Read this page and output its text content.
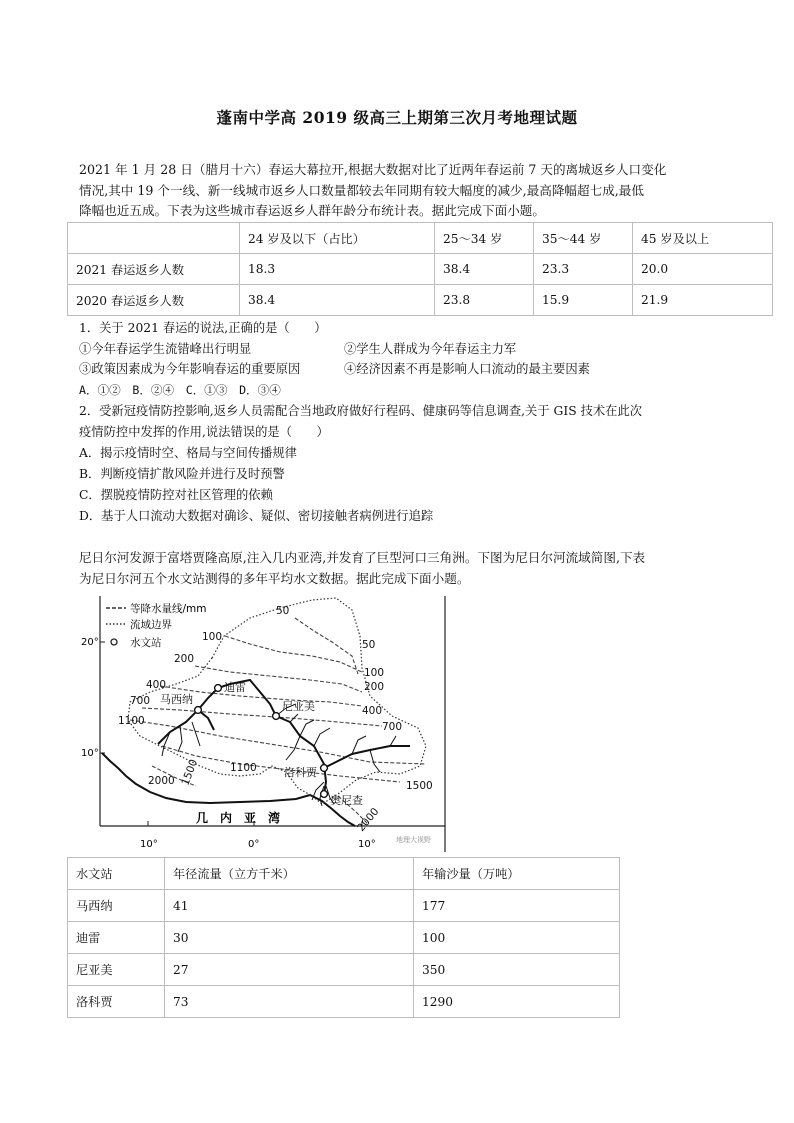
蓬南中学高 2019 级高三上期第三次月考地理试题
2021 年 1 月 28 日（腊月十六）春运大幕拉开,根据大数据对比了近两年春运前 7 天的离城返乡人口变化
情况,其中 19 个一线、新一线城市返乡人口数量都较去年同期有较大幅度的减少,最高降幅超七成,最低
降幅也近五成。下表为这些城市春运返乡人群年龄分布统计表。据此完成下面小题。
	24 岁及以下（占比）	25～34 岁	35～44 岁	45 岁及以上
2021 春运返乡人数	18.3	38.4	23.3	20.0
2020 春运返乡人数	38.4	23.8	15.9	21.9
1．关于 2021 春运的说法,正确的是（　　）
①今年春运学生流错峰出行明显	②学生人群成为今年春运主力军
③政策因素成为今年影响春运的重要原因	④经济因素不再是影响人口流动的最主要因素
A．①②　B．②④　C．①③　D．③④
2．受新冠疫情防控影响,返乡人员需配合当地政府做好行程码、健康码等信息调查,关于 GIS 技术在此次
疫情防控中发挥的作用,说法错误的是（　　）
A．揭示疫情时空、格局与空间传播规律
B．判断疫情扩散风险并进行及时预警
C．摆脱疫情防控对社区管理的依赖
D．基于人口流动大数据对确诊、疑似、密切接触者病例进行追踪
尼日尔河发源于富塔贾隆高原,注入几内亚湾,并发育了巨型河口三角洲。下图为尼日尔河流域简图,下表
为尼日尔河五个水文站测得的多年平均水文数据。据此完成下面小题。
等降水量线/mm
流域边界
水文站
20°
10°
10°	0°	10°
迪雷
马西纳
尼亚美
洛科贾
奥尼查
50
50
100
100
200
200
400
400
700
700
1100
1100
1500	1500
2000
2000
几　内　亚　湾
地理大视野
水文站	年径流量（立方千米）	年输沙量（万吨）
马西纳	41	177
迪雷	30	100
尼亚美	27	350
洛科贾	73	1290
